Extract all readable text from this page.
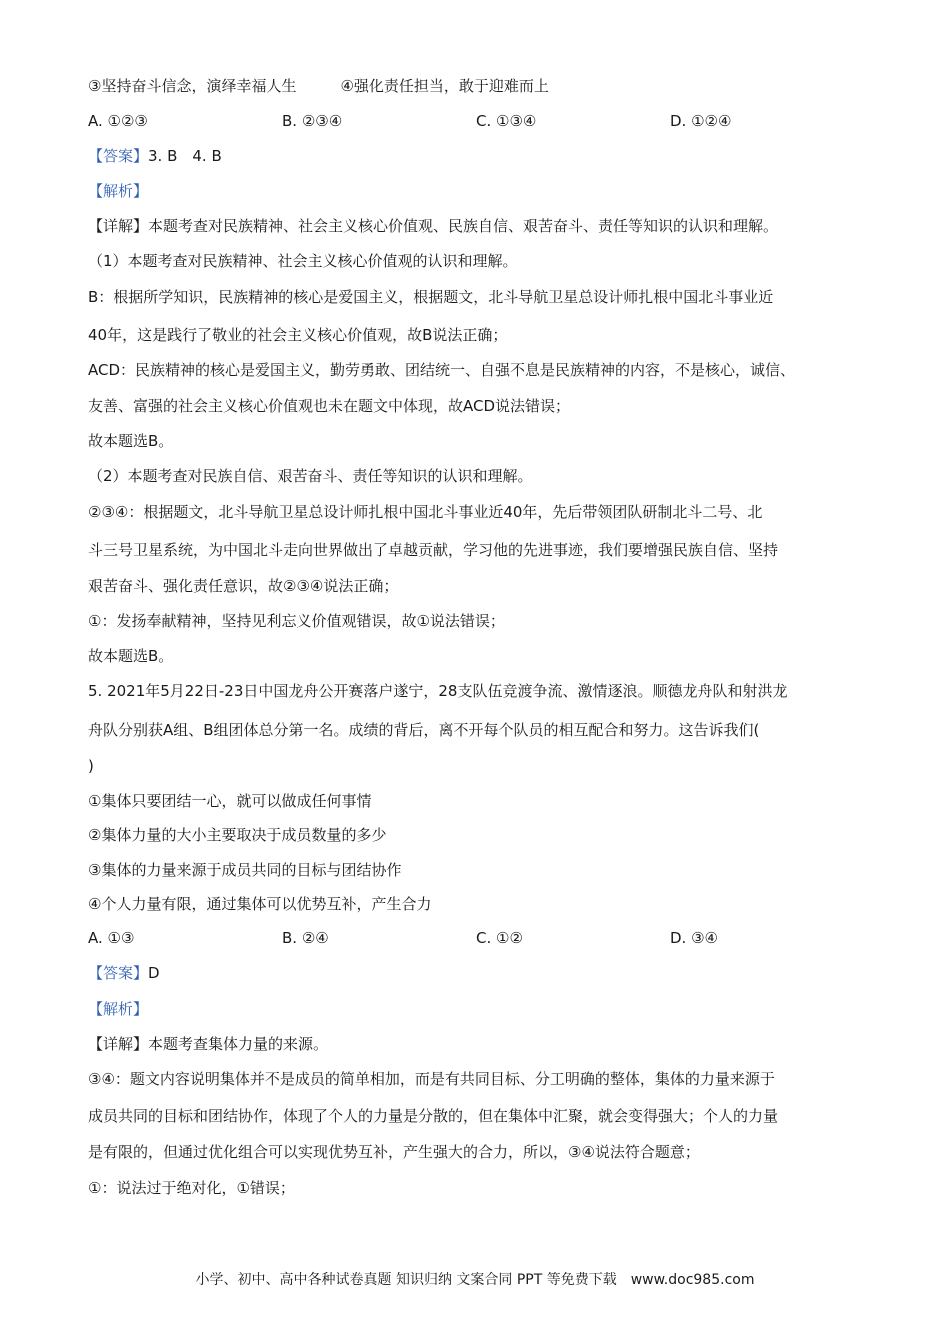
③坚持奋斗信念，演绎幸福人生	④强化责任担当，敢于迎难而上
A. ①②③	B. ②③④	C. ①③④	D. ①②④
【答案】3. B　4. B
【解析】
【详解】本题考查对民族精神、社会主义核心价值观、民族自信、艰苦奋斗、责任等知识的认识和理解。
（1）本题考查对民族精神、社会主义核心价值观的认识和理解。
B：根据所学知识，民族精神的核心是爱国主义，根据题文，北斗导航卫星总设计师扎根中国北斗事业近
40年，这是践行了敬业的社会主义核心价值观，故B说法正确；
ACD：民族精神的核心是爱国主义，勤劳勇敢、团结统一、自强不息是民族精神的内容，不是核心，诚信、
友善、富强的社会主义核心价值观也未在题文中体现，故ACD说法错误；
故本题选B。
（2）本题考查对民族自信、艰苦奋斗、责任等知识的认识和理解。
②③④：根据题文，北斗导航卫星总设计师扎根中国北斗事业近40年，先后带领团队研制北斗二号、北
斗三号卫星系统，为中国北斗走向世界做出了卓越贡献，学习他的先进事迹，我们要增强民族自信、坚持
艰苦奋斗、强化责任意识，故②③④说法正确；
①：发扬奉献精神，坚持见利忘义价值观错误，故①说法错误；
故本题选B。
5. 2021年5月22日-23日中国龙舟公开赛落户遂宁，28支队伍竞渡争流、激情逐浪。顺德龙舟队和射洪龙
舟队分别获A组、B组团体总分第一名。成绩的背后，离不开每个队员的相互配合和努力。这告诉我们(
)
①集体只要团结一心，就可以做成任何事情
②集体力量的大小主要取决于成员数量的多少
③集体的力量来源于成员共同的目标与团结协作
④个人力量有限，通过集体可以优势互补，产生合力
A. ①③	B. ②④	C. ①②	D. ③④
【答案】D
【解析】
【详解】本题考查集体力量的来源。
③④：题文内容说明集体并不是成员的简单相加，而是有共同目标、分工明确的整体，集体的力量来源于
成员共同的目标和团结协作，体现了个人的力量是分散的，但在集体中汇聚，就会变得强大；个人的力量
是有限的，但通过优化组合可以实现优势互补，产生强大的合力，所以，③④说法符合题意；
①：说法过于绝对化，①错误；
小学、初中、高中各种试卷真题 知识归纳 文案合同 PPT 等免费下载　www.doc985.com
